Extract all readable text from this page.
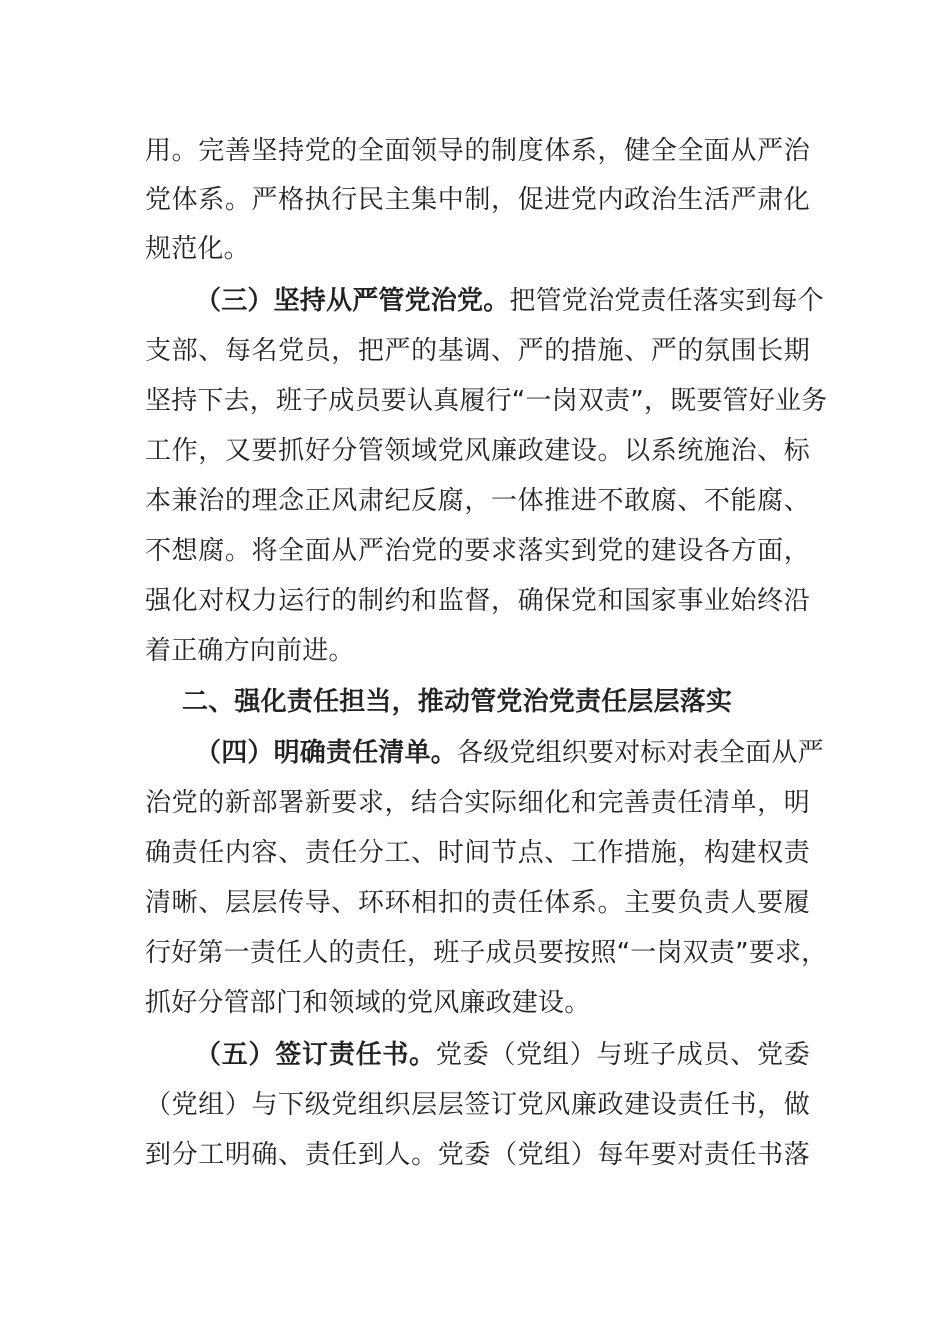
用。完善坚持党的全面领导的制度体系，健全全面从严治
党体系。严格执行民主集中制，促进党内政治生活严肃化
规范化。
（三）坚持从严管党治党。把管党治党责任落实到每个
支部、每名党员，把严的基调、严的措施、严的氛围长期
坚持下去，班子成员要认真履行“一岗双责”，既要管好业务
工作，又要抓好分管领域党风廉政建设。以系统施治、标
本兼治的理念正风肃纪反腐，一体推进不敢腐、不能腐、
不想腐。将全面从严治党的要求落实到党的建设各方面，
强化对权力运行的制约和监督，确保党和国家事业始终沿
着正确方向前进。
二、强化责任担当，推动管党治党责任层层落实
（四）明确责任清单。各级党组织要对标对表全面从严
治党的新部署新要求，结合实际细化和完善责任清单，明
确责任内容、责任分工、时间节点、工作措施，构建权责
清晰、层层传导、环环相扣的责任体系。主要负责人要履
行好第一责任人的责任，班子成员要按照“一岗双责”要求，
抓好分管部门和领域的党风廉政建设。
（五）签订责任书。党委（党组）与班子成员、党委
（党组）与下级党组织层层签订党风廉政建设责任书，做
到分工明确、责任到人。党委（党组）每年要对责任书落
